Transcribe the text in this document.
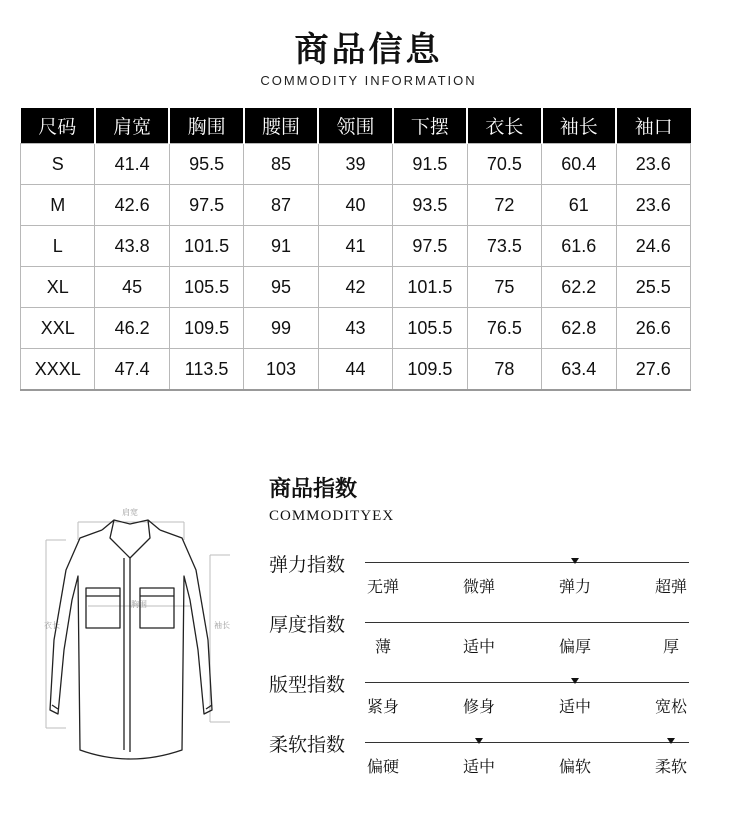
商品信息
COMMODITY INFORMATION
尺码	肩宽	胸围	腰围	领围	下摆	衣长	袖长	袖口
S	41.4	95.5	85	39	91.5	70.5	60.4	23.6
M	42.6	97.5	87	40	93.5	72	61	23.6
L	43.8	101.5	91	41	97.5	73.5	61.6	24.6
XL	45	105.5	95	42	101.5	75	62.2	25.5
XXL	46.2	109.5	99	43	105.5	76.5	62.8	26.6
XXXL	47.4	113.5	103	44	109.5	78	63.4	27.6
商品指数
COMMODITYEX
肩宽
胸围
衣长	袖长
弹力指数
无弹	微弹	弹力	超弹
厚度指数
薄	适中	偏厚	厚
版型指数
紧身	修身	适中	宽松
柔软指数
偏硬	适中	偏软	柔软
